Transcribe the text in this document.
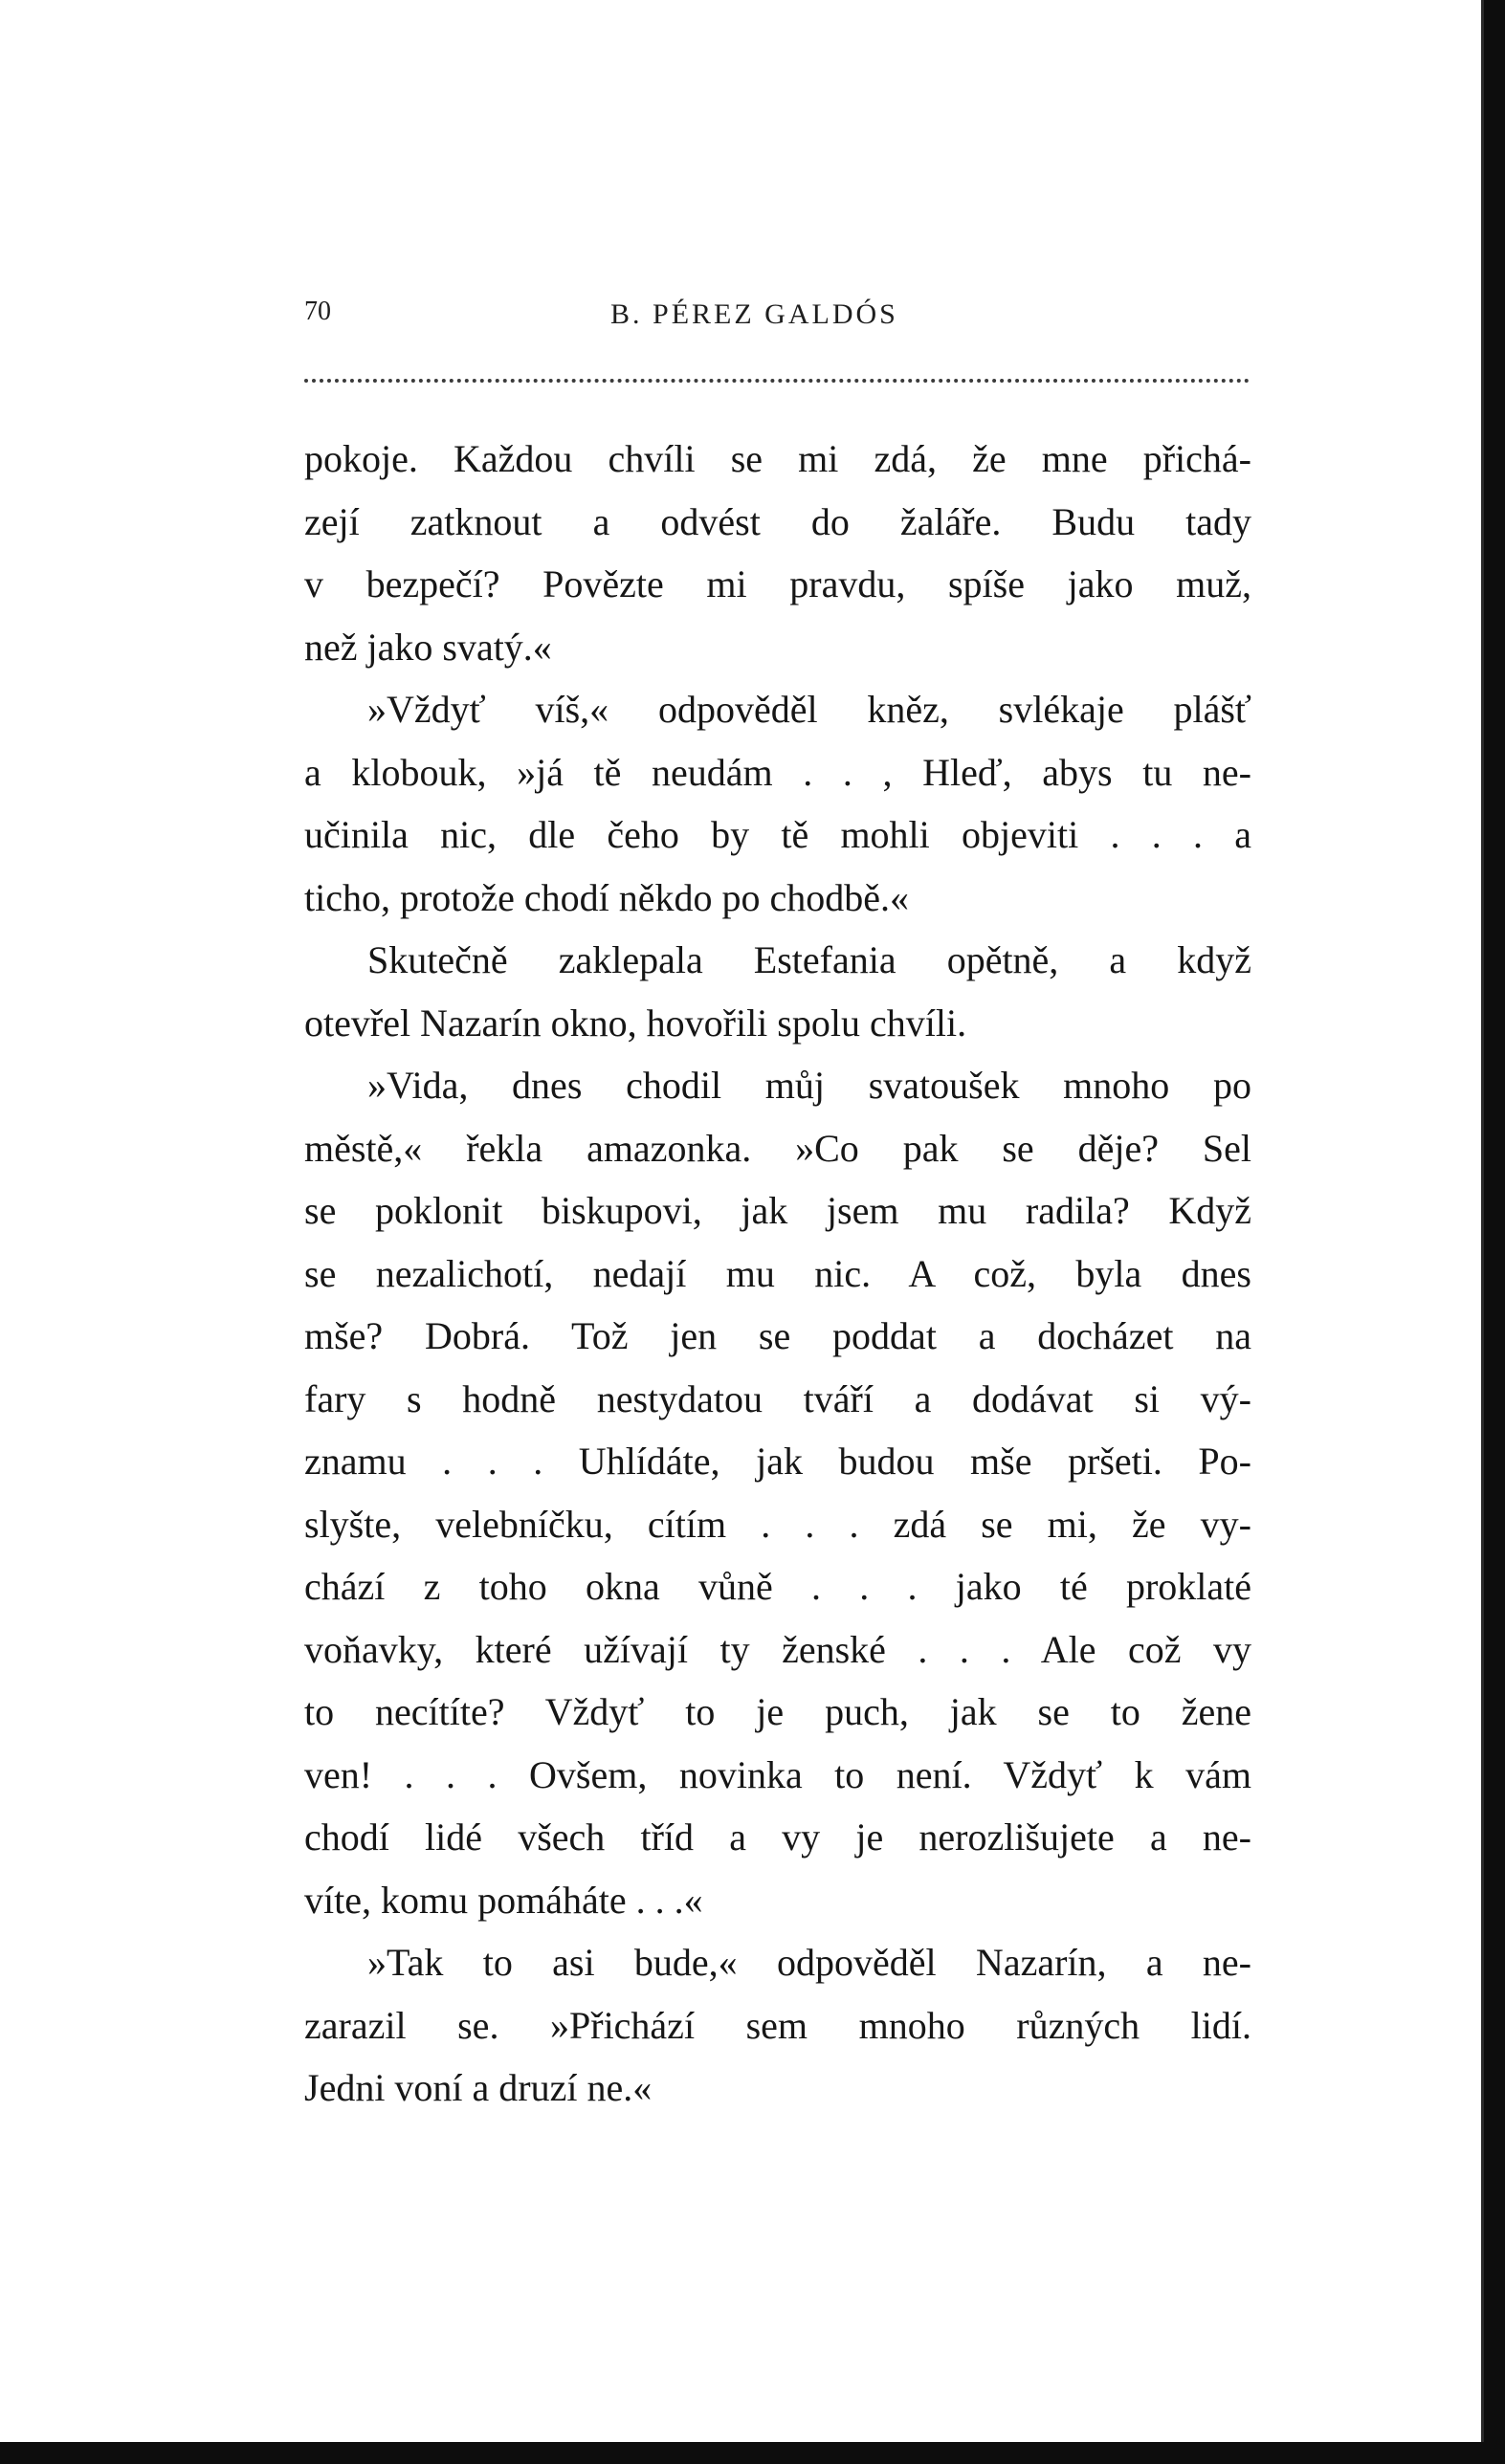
70	B. PÉREZ GALDÓS
pokoje. Každou chvíli se mi zdá, že mne přichá-
zejí zatknout a odvést do žaláře. Budu tady
v bezpečí? Povězte mi pravdu, spíše jako muž,
než jako svatý.«
»Vždyť víš,« odpověděl kněz, svlékaje plášť
a klobouk, »já tě neudám . . , Hleď, abys tu ne-
učinila nic, dle čeho by tě mohli objeviti . . . a
ticho, protože chodí někdo po chodbě.«
Skutečně zaklepala Estefania opětně, a když
otevřel Nazarín okno, hovořili spolu chvíli.
»Vida, dnes chodil můj svatoušek mnoho po
městě,« řekla amazonka. »Co pak se děje? Sel
se poklonit biskupovi, jak jsem mu radila? Když
se nezalichotí, nedají mu nic. A což, byla dnes
mše? Dobrá. Tož jen se poddat a docházet na
fary s hodně nestydatou tváří a dodávat si vý-
znamu . . . Uhlídáte, jak budou mše pršeti. Po-
slyšte, velebníčku, cítím . . . zdá se mi, že vy-
chází z toho okna vůně . . . jako té proklaté
voňavky, které užívají ty ženské . . . Ale což vy
to necítíte? Vždyť to je puch, jak se to žene
ven! . . . Ovšem, novinka to není. Vždyť k vám
chodí lidé všech tříd a vy je nerozlišujete a ne-
víte, komu pomáháte . . .«
»Tak to asi bude,« odpověděl Nazarín, a ne-
zarazil se. »Přichází sem mnoho různých lidí.
Jedni voní a druzí ne.«
